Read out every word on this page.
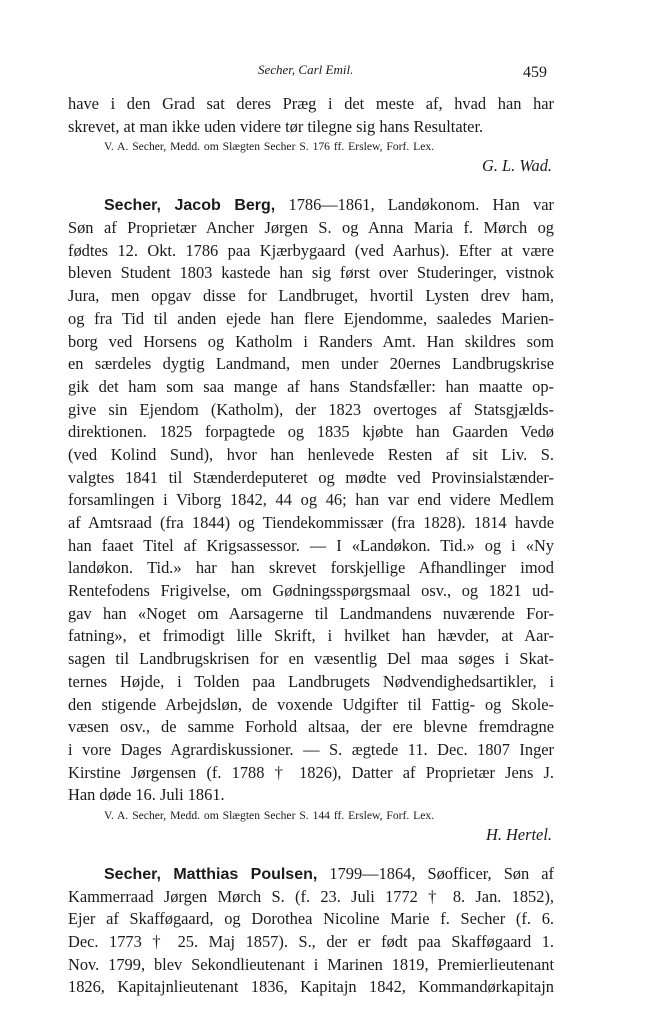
Secher, Carl Emil.	459
have i den Grad sat deres Præg i det meste af, hvad han har
skrevet, at man ikke uden videre tør tilegne sig hans Resultater.
V. A. Secher, Medd. om Slægten Secher S. 176 ff. Erslew, Forf. Lex.
G. L. Wad.
Secher, Jacob Berg, 1786—1861, Landøkonom. Han var
Søn af Proprietær Ancher Jørgen S. og Anna Maria f. Mørch og
fødtes 12. Okt. 1786 paa Kjærbygaard (ved Aarhus). Efter at være
bleven Student 1803 kastede han sig først over Studeringer, vistnok
Jura, men opgav disse for Landbruget, hvortil Lysten drev ham,
og fra Tid til anden ejede han flere Ejendomme, saaledes Marien-
borg ved Horsens og Katholm i Randers Amt. Han skildres som
en særdeles dygtig Landmand, men under 20ernes Landbrugskrise
gik det ham som saa mange af hans Standsfæller: han maatte op-
give sin Ejendom (Katholm), der 1823 overtoges af Statsgjælds-
direktionen. 1825 forpagtede og 1835 kjøbte han Gaarden Vedø
(ved Kolind Sund), hvor han henlevede Resten af sit Liv. S.
valgtes 1841 til Stænderdeputeret og mødte ved Provinsialstænder-
forsamlingen i Viborg 1842, 44 og 46; han var end videre Medlem
af Amtsraad (fra 1844) og Tiendekommissær (fra 1828). 1814 havde
han faaet Titel af Krigsassessor. — I «Landøkon. Tid.» og i «Ny
landøkon. Tid.» har han skrevet forskjellige Afhandlinger imod
Rentefodens Frigivelse, om Gødningsspørgsmaal osv., og 1821 ud-
gav han «Noget om Aarsagerne til Landmandens nuværende For-
fatning», et frimodigt lille Skrift, i hvilket han hævder, at Aar-
sagen til Landbrugskrisen for en væsentlig Del maa søges i Skat-
ternes Højde, i Tolden paa Landbrugets Nødvendighedsartikler, i
den stigende Arbejdsløn, de voxende Udgifter til Fattig- og Skole-
væsen osv., de samme Forhold altsaa, der ere blevne fremdragne
i vore Dages Agrardiskussioner. — S. ægtede 11. Dec. 1807 Inger
Kirstine Jørgensen (f. 1788 † 1826), Datter af Proprietær Jens J.
Han døde 16. Juli 1861.
V. A. Secher, Medd. om Slægten Secher S. 144 ff. Erslew, Forf. Lex.
H. Hertel.
Secher, Matthias Poulsen, 1799—1864, Søofficer, Søn af
Kammerraad Jørgen Mørch S. (f. 23. Juli 1772 † 8. Jan. 1852),
Ejer af Skafføgaard, og Dorothea Nicoline Marie f. Secher (f. 6.
Dec. 1773 † 25. Maj 1857). S., der er født paa Skafføgaard 1.
Nov. 1799, blev Sekondlieutenant i Marinen 1819, Premierlieutenant
1826, Kapitajnlieutenant 1836, Kapitajn 1842, Kommandørkapitajn
